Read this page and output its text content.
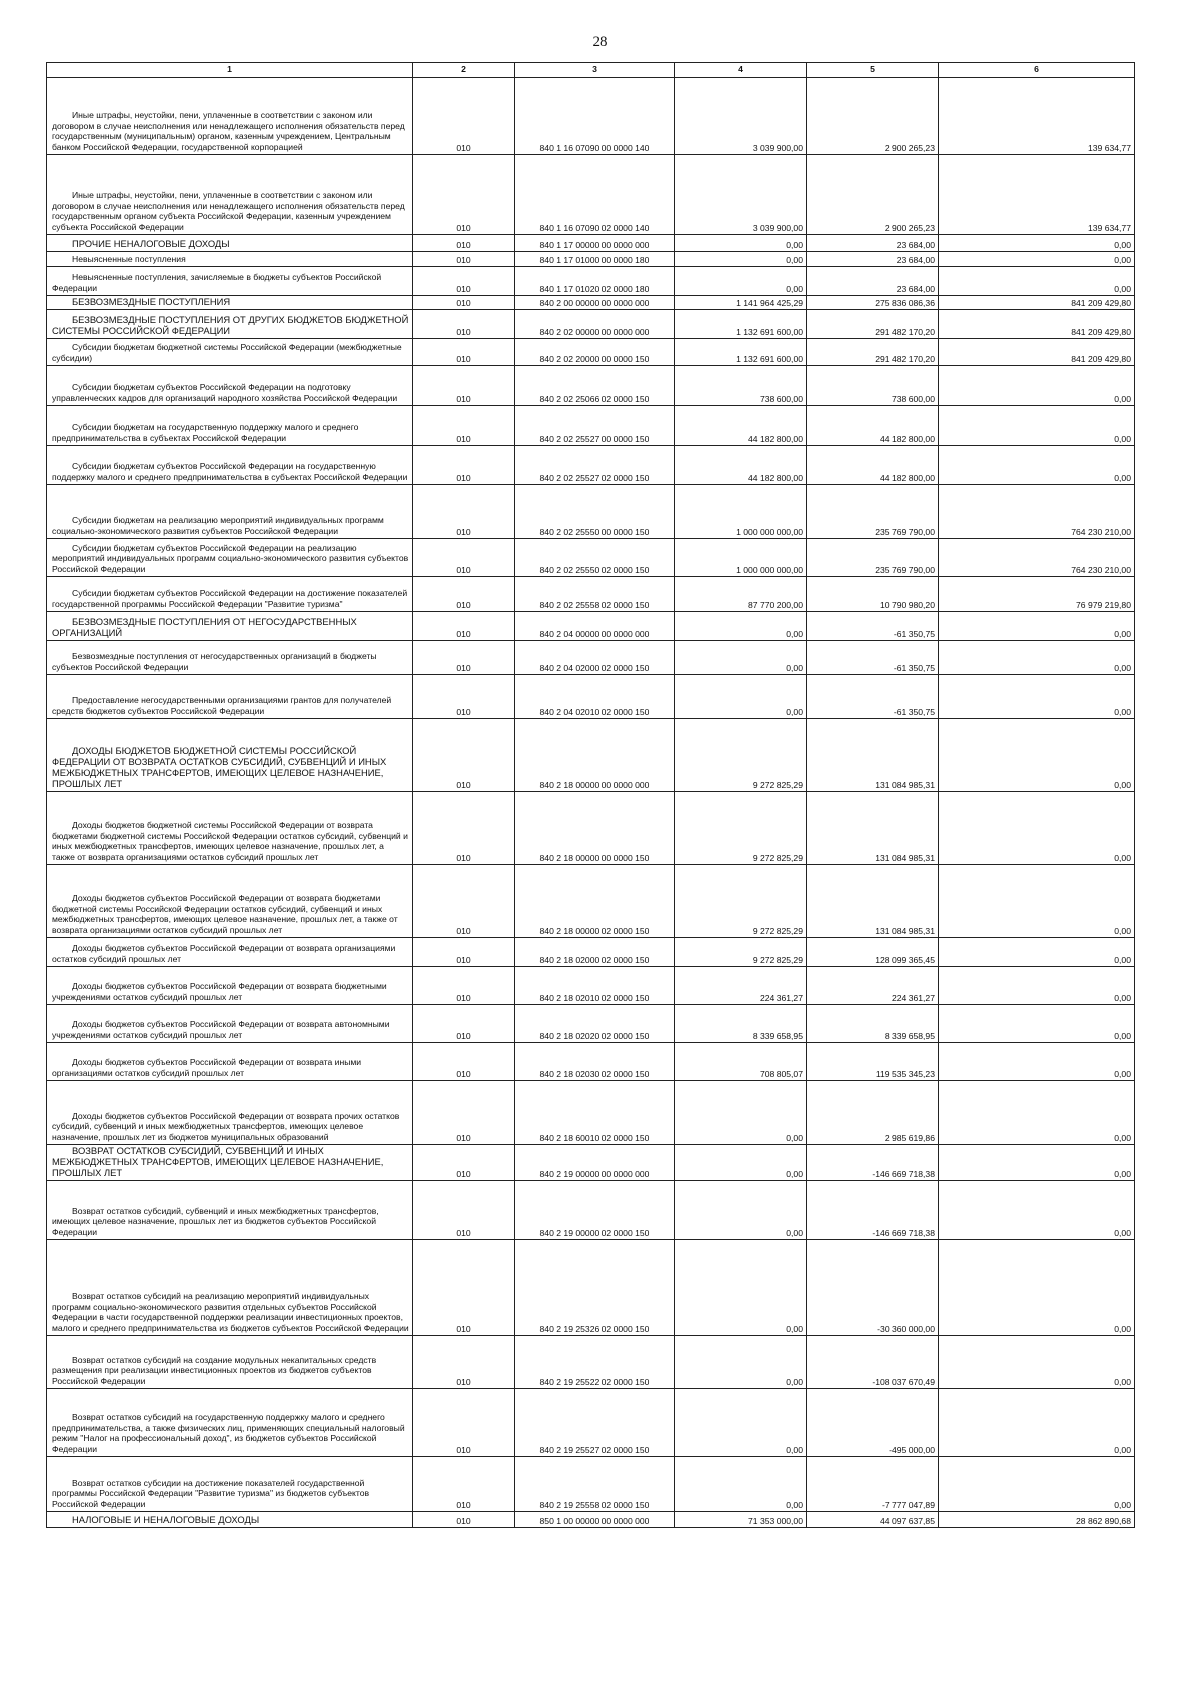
28
1	2	3	4	5	6

Иные штрафы, неустойки, пени, уплаченные в соответствии с законом или договором в случае неисполнения или ненадлежащего исполнения обязательств перед государственным (муниципальным) органом, казенным учреждением, Центральным банком Российской Федерации, государственной корпорацией	010	840 1 16 07090 00 0000 140	3 039 900,00	2 900 265,23	139 634,77

Иные штрафы, неустойки, пени, уплаченные в соответствии с законом или договором в случае неисполнения или ненадлежащего исполнения обязательств перед государственным органом субъекта Российской Федерации, казенным учреждением субъекта Российской Федерации	010	840 1 16 07090 02 0000 140	3 039 900,00	2 900 265,23	139 634,77

ПРОЧИЕ НЕНАЛОГОВЫЕ ДОХОДЫ	010	840 1 17 00000 00 0000 000	0,00	23 684,00	0,00

Невыясненные поступления	010	840 1 17 01000 00 0000 180	0,00	23 684,00	0,00

Невыясненные поступления, зачисляемые в бюджеты субъектов Российской Федерации	010	840 1 17 01020 02 0000 180	0,00	23 684,00	0,00

БЕЗВОЗМЕЗДНЫЕ ПОСТУПЛЕНИЯ	010	840 2 00 00000 00 0000 000	1 141 964 425,29	275 836 086,36	841 209 429,80

БЕЗВОЗМЕЗДНЫЕ ПОСТУПЛЕНИЯ ОТ ДРУГИХ БЮДЖЕТОВ БЮДЖЕТНОЙ СИСТЕМЫ РОССИЙСКОЙ ФЕДЕРАЦИИ	010	840 2 02 00000 00 0000 000	1 132 691 600,00	291 482 170,20	841 209 429,80

Субсидии бюджетам бюджетной системы Российской Федерации (межбюджетные субсидии)	010	840 2 02 20000 00 0000 150	1 132 691 600,00	291 482 170,20	841 209 429,80

Субсидии бюджетам субъектов Российской Федерации на подготовку управленческих кадров для организаций народного хозяйства Российской Федерации	010	840 2 02 25066 02 0000 150	738 600,00	738 600,00	0,00

Субсидии бюджетам на государственную поддержку малого и среднего предпринимательства в субъектах Российской Федерации	010	840 2 02 25527 00 0000 150	44 182 800,00	44 182 800,00	0,00

Субсидии бюджетам субъектов Российской Федерации на государственную поддержку малого и среднего предпринимательства в субъектах Российской Федерации	010	840 2 02 25527 02 0000 150	44 182 800,00	44 182 800,00	0,00

Субсидии бюджетам на реализацию мероприятий индивидуальных программ социально-экономического развития субъектов Российской Федерации	010	840 2 02 25550 00 0000 150	1 000 000 000,00	235 769 790,00	764 230 210,00

Субсидии бюджетам субъектов Российской Федерации на реализацию мероприятий индивидуальных программ социально-экономического развития субъектов Российской Федерации	010	840 2 02 25550 02 0000 150	1 000 000 000,00	235 769 790,00	764 230 210,00

Субсидии бюджетам субъектов Российской Федерации на достижение показателей государственной программы Российской Федерации "Развитие туризма"	010	840 2 02 25558 02 0000 150	87 770 200,00	10 790 980,20	76 979 219,80

БЕЗВОЗМЕЗДНЫЕ ПОСТУПЛЕНИЯ ОТ НЕГОСУДАРСТВЕННЫХ ОРГАНИЗАЦИЙ	010	840 2 04 00000 00 0000 000	0,00	-61 350,75	0,00

Безвозмездные поступления от негосударственных организаций в бюджеты субъектов Российской Федерации	010	840 2 04 02000 02 0000 150	0,00	-61 350,75	0,00

Предоставление негосударственными организациями грантов для получателей средств бюджетов субъектов Российской Федерации	010	840 2 04 02010 02 0000 150	0,00	-61 350,75	0,00

ДОХОДЫ БЮДЖЕТОВ БЮДЖЕТНОЙ СИСТЕМЫ РОССИЙСКОЙ ФЕДЕРАЦИИ ОТ ВОЗВРАТА ОСТАТКОВ СУБСИДИЙ, СУБВЕНЦИЙ И ИНЫХ МЕЖБЮДЖЕТНЫХ ТРАНСФЕРТОВ, ИМЕЮЩИХ ЦЕЛЕВОЕ НАЗНАЧЕНИЕ, ПРОШЛЫХ ЛЕТ	010	840 2 18 00000 00 0000 000	9 272 825,29	131 084 985,31	0,00

Доходы бюджетов бюджетной системы Российской Федерации от возврата бюджетами бюджетной системы Российской Федерации остатков субсидий, субвенций и иных межбюджетных трансфертов, имеющих целевое назначение, прошлых лет, а также от возврата организациями остатков субсидий прошлых лет	010	840 2 18 00000 00 0000 150	9 272 825,29	131 084 985,31	0,00

Доходы бюджетов субъектов Российской Федерации от возврата бюджетами бюджетной системы Российской Федерации остатков субсидий, субвенций и иных межбюджетных трансфертов, имеющих целевое назначение, прошлых лет, а также от возврата организациями остатков субсидий прошлых лет	010	840 2 18 00000 02 0000 150	9 272 825,29	131 084 985,31	0,00

Доходы бюджетов субъектов Российской Федерации от возврата организациями остатков субсидий прошлых лет	010	840 2 18 02000 02 0000 150	9 272 825,29	128 099 365,45	0,00

Доходы бюджетов субъектов Российской Федерации от возврата бюджетными учреждениями остатков субсидий прошлых лет	010	840 2 18 02010 02 0000 150	224 361,27	224 361,27	0,00

Доходы бюджетов субъектов Российской Федерации от возврата автономными учреждениями остатков субсидий прошлых лет	010	840 2 18 02020 02 0000 150	8 339 658,95	8 339 658,95	0,00

Доходы бюджетов субъектов Российской Федерации от возврата иными организациями остатков субсидий прошлых лет	010	840 2 18 02030 02 0000 150	708 805,07	119 535 345,23	0,00

Доходы бюджетов субъектов Российской Федерации от возврата прочих остатков субсидий, субвенций и иных межбюджетных трансфертов, имеющих целевое назначение, прошлых лет из бюджетов муниципальных образований	010	840 2 18 60010 02 0000 150	0,00	2 985 619,86	0,00

ВОЗВРАТ ОСТАТКОВ СУБСИДИЙ, СУБВЕНЦИЙ И ИНЫХ МЕЖБЮДЖЕТНЫХ ТРАНСФЕРТОВ, ИМЕЮЩИХ ЦЕЛЕВОЕ НАЗНАЧЕНИЕ, ПРОШЛЫХ ЛЕТ	010	840 2 19 00000 00 0000 000	0,00	-146 669 718,38	0,00

Возврат остатков субсидий, субвенций и иных межбюджетных трансфертов, имеющих целевое назначение, прошлых лет из бюджетов субъектов Российской Федерации	010	840 2 19 00000 02 0000 150	0,00	-146 669 718,38	0,00

Возврат остатков субсидий на реализацию мероприятий индивидуальных программ социально-экономического развития отдельных субъектов Российской Федерации в части государственной поддержки реализации инвестиционных проектов, малого и среднего предпринимательства из бюджетов субъектов Российской Федерации	010	840 2 19 25326 02 0000 150	0,00	-30 360 000,00	0,00

Возврат остатков субсидий на создание модульных некапитальных средств размещения при реализации инвестиционных проектов из бюджетов субъектов Российской Федерации	010	840 2 19 25522 02 0000 150	0,00	-108 037 670,49	0,00

Возврат остатков субсидий на государственную поддержку малого и среднего предпринимательства, а также физических лиц, применяющих специальный налоговый режим "Налог на профессиональный доход", из бюджетов субъектов Российской Федерации	010	840 2 19 25527 02 0000 150	0,00	-495 000,00	0,00

Возврат остатков субсидии на достижение показателей государственной программы Российской Федерации "Развитие туризма" из бюджетов субъектов Российской Федерации	010	840 2 19 25558 02 0000 150	0,00	-7 777 047,89	0,00

НАЛОГОВЫЕ И НЕНАЛОГОВЫЕ ДОХОДЫ	010	850 1 00 00000 00 0000 000	71 353 000,00	44 097 637,85	28 862 890,68
